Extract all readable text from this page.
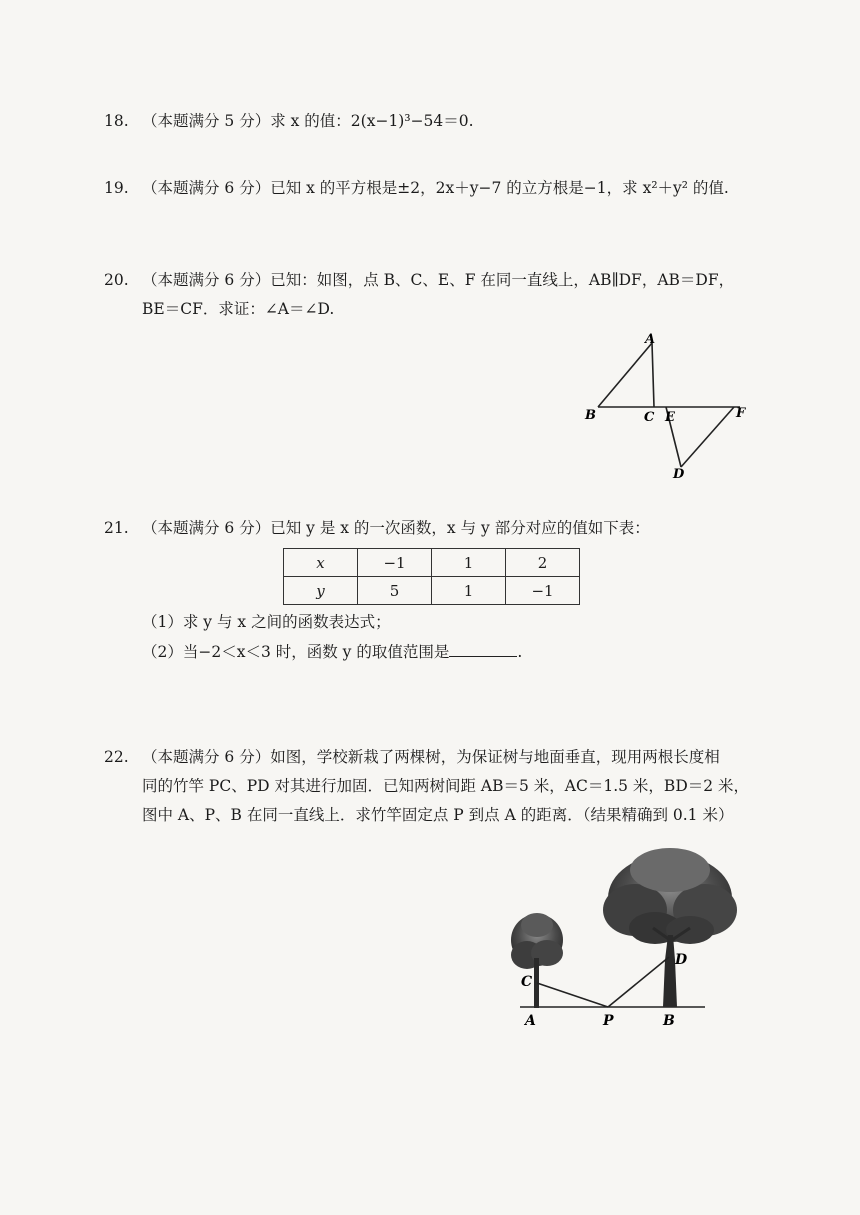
18. （本题满分 5 分）求 x 的值：2(x−1)³−54＝0.
19. （本题满分 6 分）已知 x 的平方根是±2，2x＋y−7 的立方根是−1，求 x²＋y² 的值.
20. （本题满分 6 分）已知：如图，点 B、C、E、F 在同一直线上，AB∥DF，AB＝DF，
BE＝CF．求证：∠A＝∠D.
A
B	C E	F
D
21. （本题满分 6 分）已知 y 是 x 的一次函数，x 与 y 部分对应的值如下表：
x	−1	1	2
y	5	1	−1
（1）求 y 与 x 之间的函数表达式；
（2）当−2＜x＜3 时，函数 y 的取值范围是	.
22. （本题满分 6 分）如图，学校新栽了两棵树，为保证树与地面垂直，现用两根长度相
同的竹竿 PC、PD 对其进行加固．已知两树间距 AB＝5 米，AC＝1.5 米，BD＝2 米，
图中 A、P、B 在同一直线上．求竹竿固定点 P 到点 A 的距离．（结果精确到 0.1 米）
A	P	B
C
D
